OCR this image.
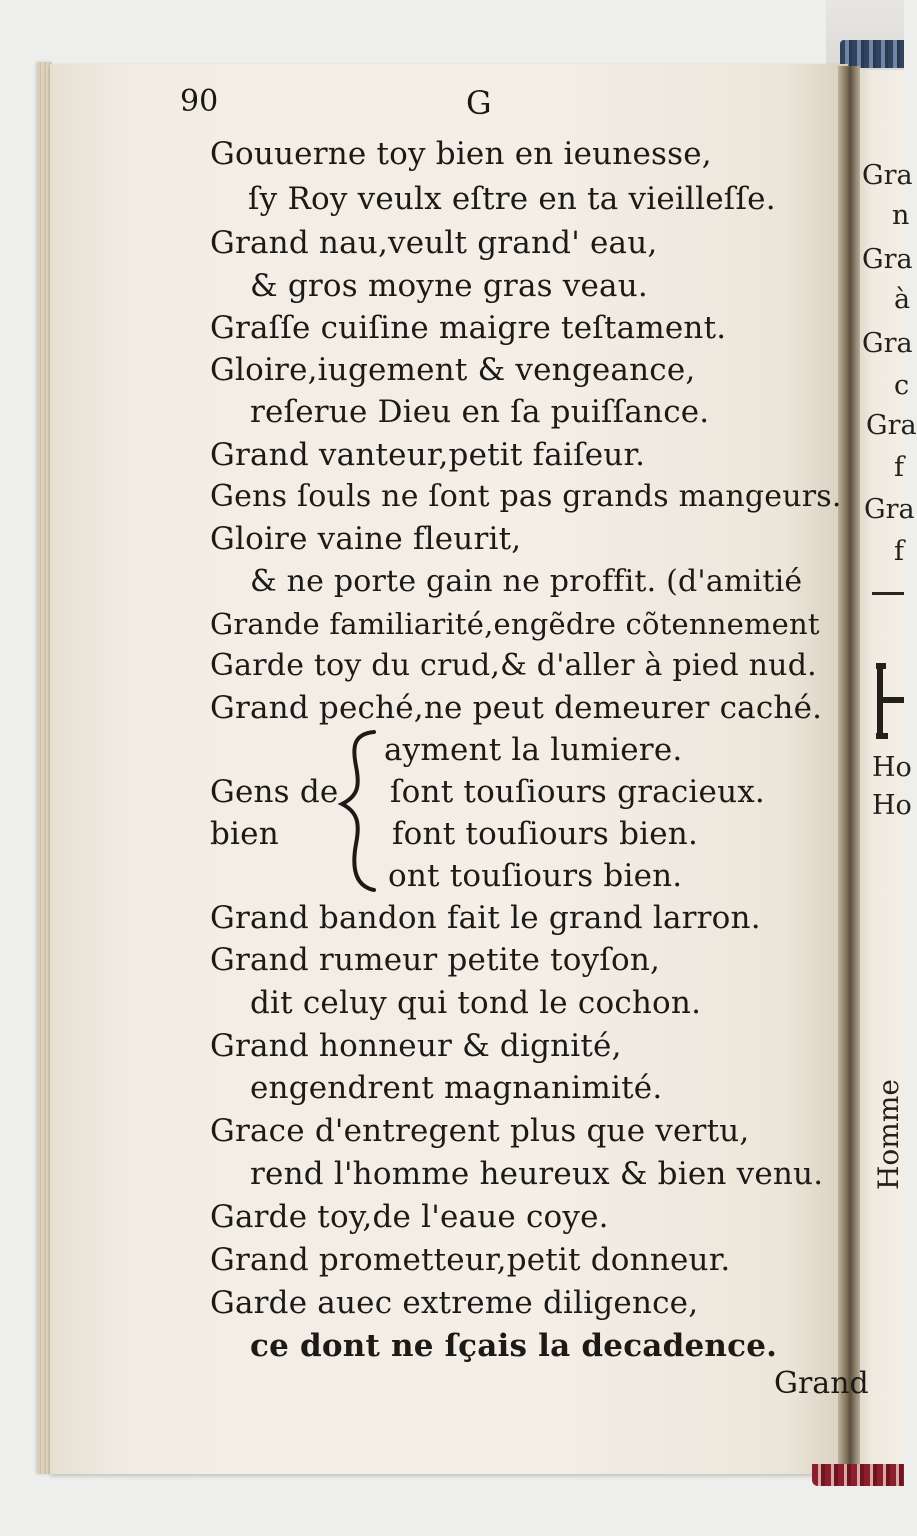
90	G
Gouuerne toy bien en ieunesse,
ſy Roy veulx eſtre en ta vieilleſſe.
Grand nau,veult grand' eau,
& gros moyne gras veau.
Graſſe cuiſine maigre teſtament.
Gloire,iugement & vengeance,
reſerue Dieu en ſa puiſſance.
Grand vanteur,petit faiſeur.
Gens ſouls ne ſont pas grands mangeurs.
Gloire vaine fleurit,
& ne porte gain ne proffit. (d'amitié
Grande familiarité,engẽdre cõtennement
Garde toy du crud,& d'aller à pied nud.
Grand peché,ne peut demeurer caché.
Gens de
bien
ayment la lumiere.
ſont touſiours gracieux.
font touſiours bien.
ont touſiours bien.
Grand bandon fait le grand larron.
Grand rumeur petite toyſon,
dit celuy qui tond le cochon.
Grand honneur & dignité,
engendrent magnanimité.
Grace d'entregent plus que vertu,
rend l'homme heureux & bien venu.
Garde toy,de l'eaue coye.
Grand prometteur,petit donneur.
Garde auec extreme diligence,
ce dont ne ſçais la decadence.
Grand
Gra
n
Gra
à
Gra
c
Gra
f
Gra
f
Ho
Ho
Homme
